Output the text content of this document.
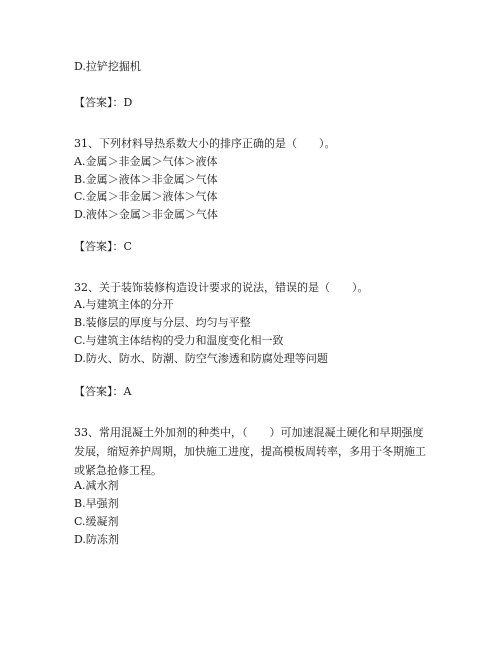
D.拉铲挖掘机
【答案】：D
31、下列材料导热系数大小的排序正确的是（　　）。
A.金属＞非金属＞气体＞液体
B.金属＞液体＞非金属＞气体
C.金属＞非金属＞液体＞气体
D.液体＞金属＞非金属＞气体
【答案】：C
32、关于装饰装修构造设计要求的说法，错误的是（　　）。
A.与建筑主体的分开
B.装修层的厚度与分层、均匀与平整
C.与建筑主体结构的受力和温度变化相一致
D.防火、防水、防潮、防空气渗透和防腐处理等问题
【答案】：A
33、常用混凝土外加剂的种类中，（　　）可加速混凝土硬化和早期强度发展，缩短养护周期，加快施工进度，提高模板周转率，多用于冬期施工或紧急抢修工程。
A.减水剂
B.早强剂
C.缓凝剂
D.防冻剂
